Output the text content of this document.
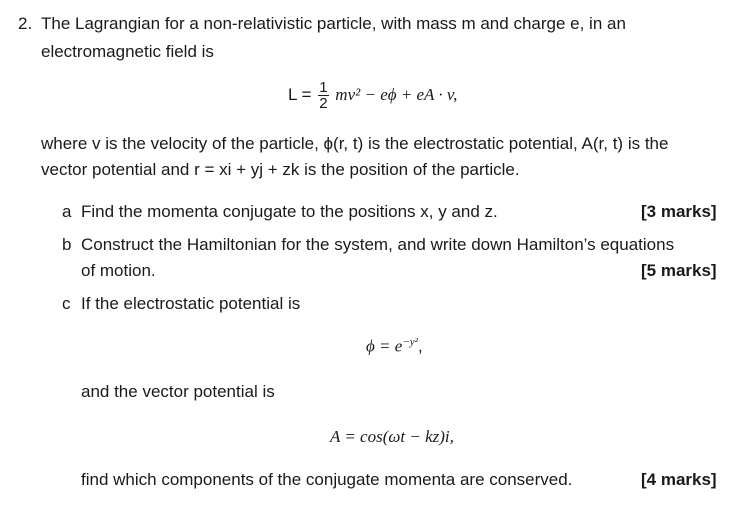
2. The Lagrangian for a non-relativistic particle, with mass m and charge e, in an
electromagnetic field is
$L = \frac{1}{2} mv^2 - e\phi$ + eA · v,
where v is the velocity of the particle, ϕ(r, t) is the electrostatic potential, A(r, t) is the
vector potential and r = xi + yj + zk is the position of the particle.
a Find the momenta conjugate to the positions x, y and z.	[3 marks]
b Construct the Hamiltonian for the system, and write down Hamilton’s equations
of motion.	[5 marks]
c If the electrostatic potential is
$\phi = e^{-y^2}$,
and the vector potential is
A = cos(ωt − kz)i,
find which components of the conjugate momenta are conserved.	[4 marks]
